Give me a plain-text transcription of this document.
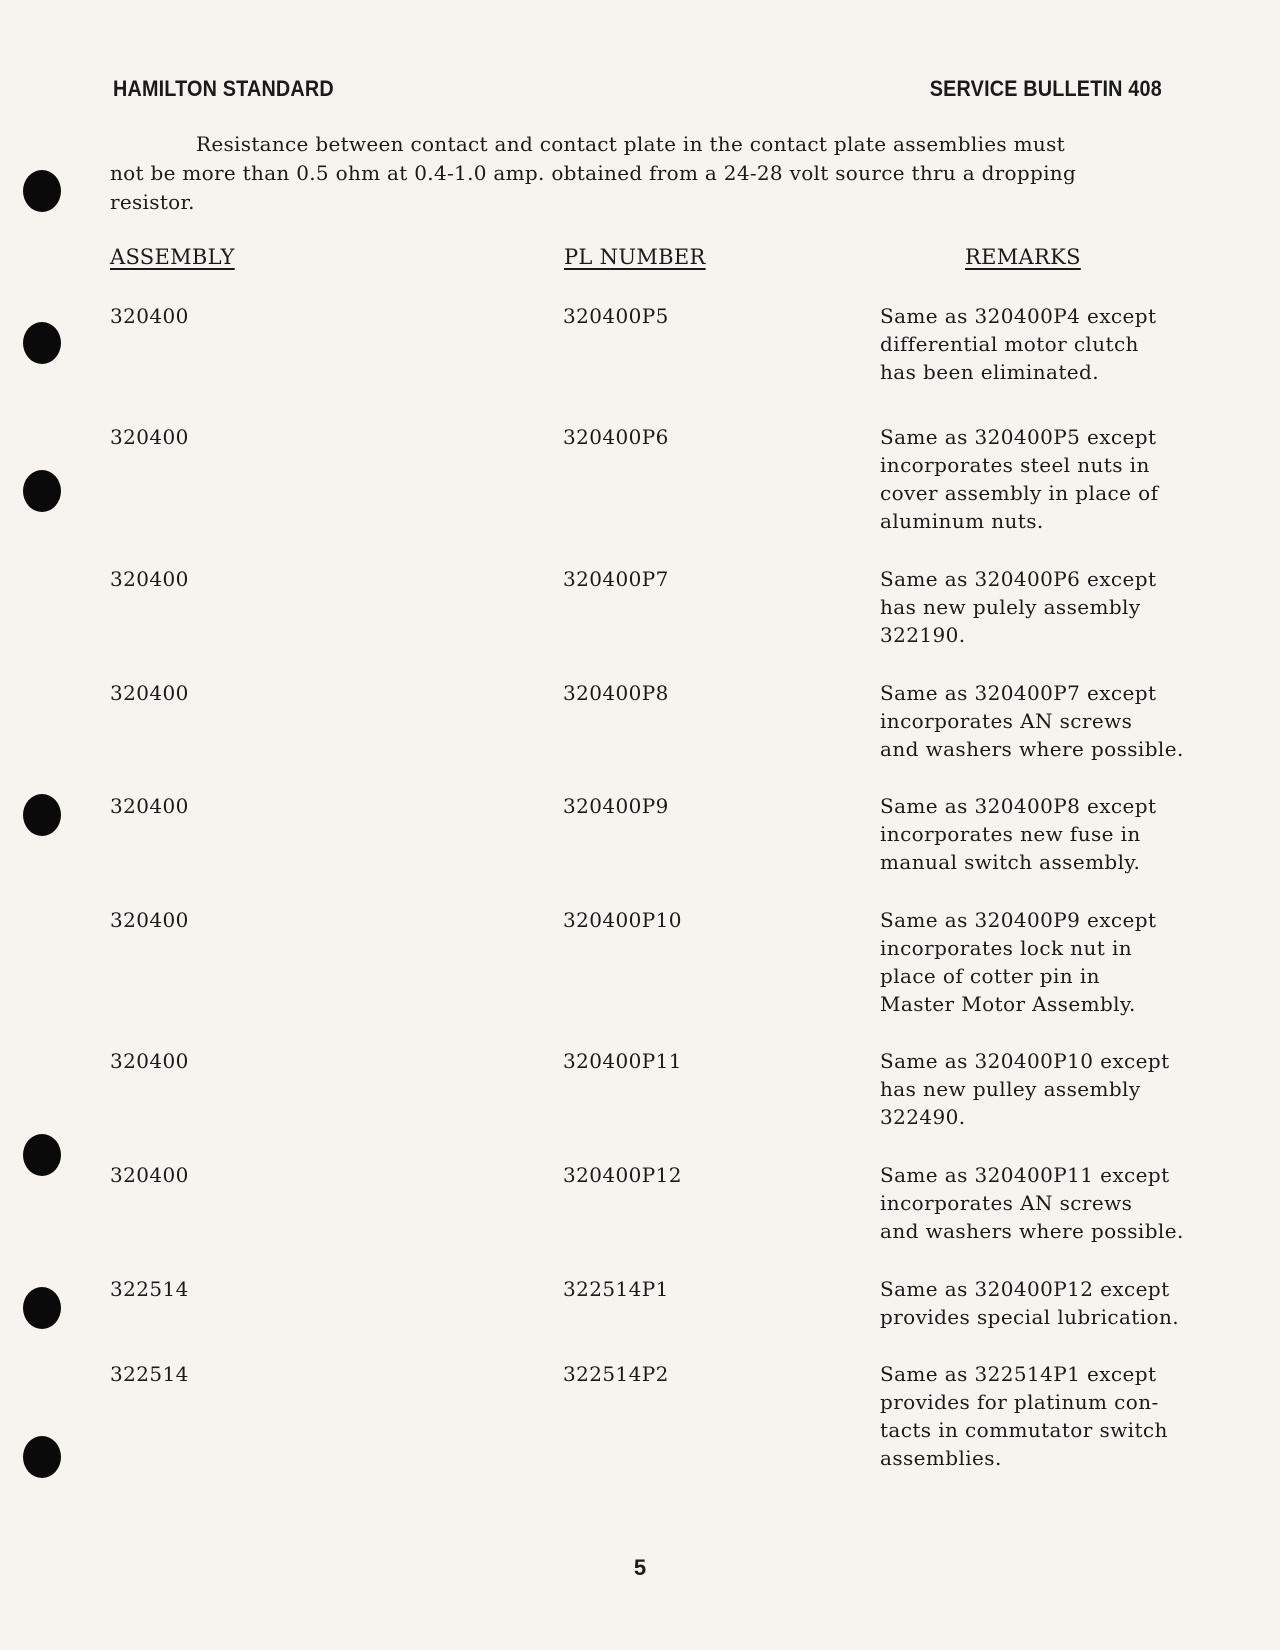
HAMILTON STANDARD	SERVICE BULLETIN 408
Resistance between contact and contact plate in the contact plate assemblies must
not be more than 0.5 ohm at 0.4-1.0 amp. obtained from a 24-28 volt source thru a dropping
resistor.
ASSEMBLY	PL NUMBER	REMARKS
320400	320400P5	Same as 320400P4 except
differential motor clutch
has been eliminated.
320400	320400P6	Same as 320400P5 except
incorporates steel nuts in
cover assembly in place of
aluminum nuts.
320400	320400P7	Same as 320400P6 except
has new pulely assembly
322190.
320400	320400P8	Same as 320400P7 except
incorporates AN screws
and washers where possible.
320400	320400P9	Same as 320400P8 except
incorporates new fuse in
manual switch assembly.
320400	320400P10	Same as 320400P9 except
incorporates lock nut in
place of cotter pin in
Master Motor Assembly.
320400	320400P11	Same as 320400P10 except
has new pulley assembly
322490.
320400	320400P12	Same as 320400P11 except
incorporates AN screws
and washers where possible.
322514	322514P1	Same as 320400P12 except
provides special lubrication.
322514	322514P2	Same as 322514P1 except
provides for platinum con-
tacts in commutator switch
assemblies.
5
